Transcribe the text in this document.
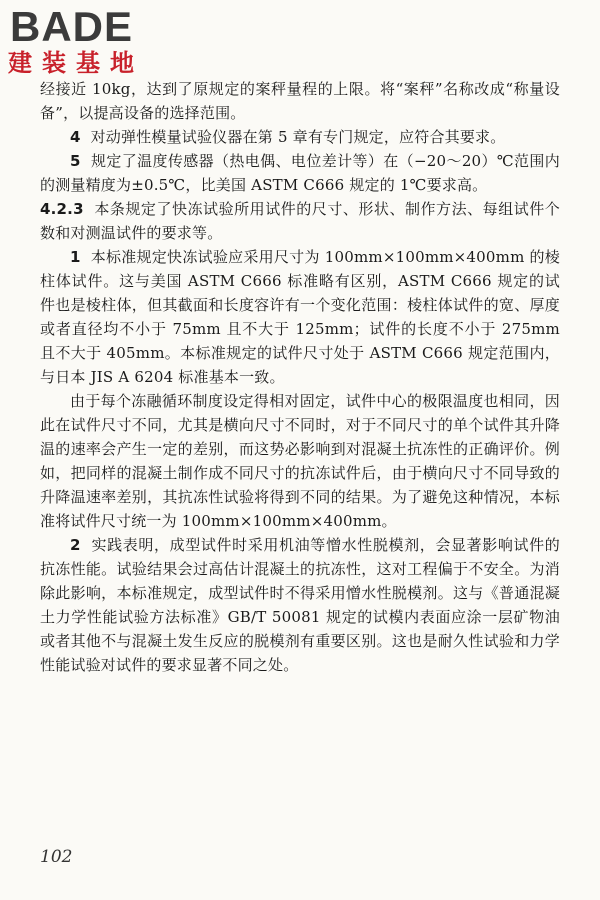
BADE
建装基地

经接近 10kg，达到了原规定的案秤量程的上限。将“案秤”名称改成“称量设备”，以提高设备的选择范围。

4 对动弹性模量试验仪器在第 5 章有专门规定，应符合其要求。

5 规定了温度传感器（热电偶、电位差计等）在（−20～20）℃范围内的测量精度为±0.5℃，比美国 ASTM C666 规定的 1℃要求高。

4.2.3 本条规定了快冻试验所用试件的尺寸、形状、制作方法、每组试件个数和对测温试件的要求等。

1 本标准规定快冻试验应采用尺寸为 100mm×100mm×400mm 的棱柱体试件。这与美国 ASTM C666 标准略有区别，ASTM C666 规定的试件也是棱柱体，但其截面和长度容许有一个变化范围：棱柱体试件的宽、厚度或者直径均不小于 75mm 且不大于 125mm；试件的长度不小于 275mm 且不大于 405mm。本标准规定的试件尺寸处于 ASTM C666 规定范围内，与日本 JIS A 6204 标准基本一致。

由于每个冻融循环制度设定得相对固定，试件中心的极限温度也相同，因此在试件尺寸不同，尤其是横向尺寸不同时，对于不同尺寸的单个试件其升降温的速率会产生一定的差别，而这势必影响到对混凝土抗冻性的正确评价。例如，把同样的混凝土制作成不同尺寸的抗冻试件后，由于横向尺寸不同导致的升降温速率差别，其抗冻性试验将得到不同的结果。为了避免这种情况，本标准将试件尺寸统一为 100mm×100mm×400mm。

2 实践表明，成型试件时采用机油等憎水性脱模剂，会显著影响试件的抗冻性能。试验结果会过高估计混凝土的抗冻性，这对工程偏于不安全。为消除此影响，本标准规定，成型试件时不得采用憎水性脱模剂。这与《普通混凝土力学性能试验方法标准》GB/T 50081 规定的试模内表面应涂一层矿物油或者其他不与混凝土发生反应的脱模剂有重要区别。这也是耐久性试验和力学性能试验对试件的要求显著不同之处。

102
